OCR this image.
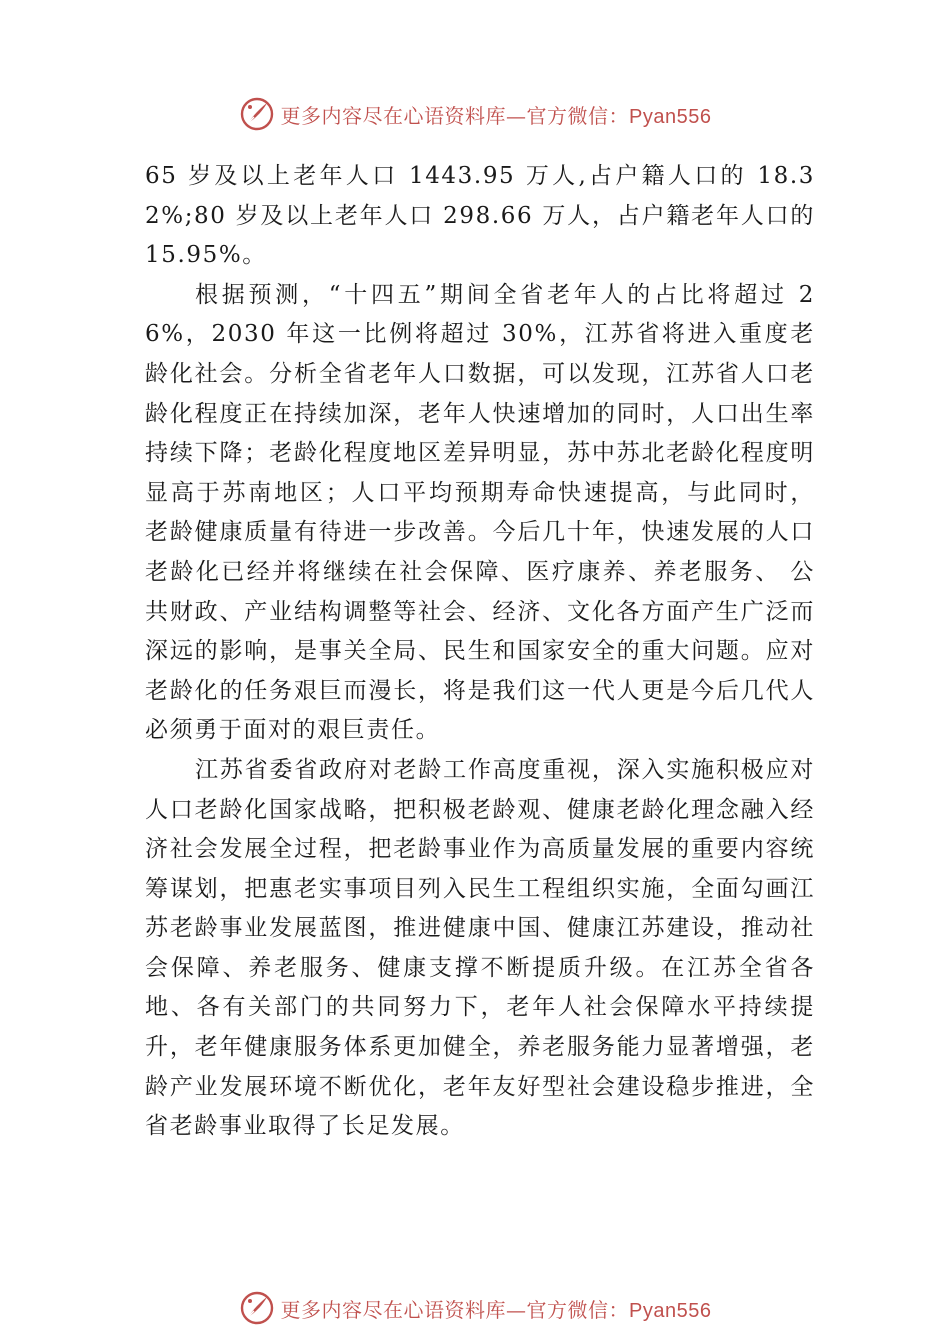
更多内容尽在心语资料库—官方微信：Pyan556

65 岁及以上老年人口 1443.95 万人,占户籍人口的 18.32%;80 岁及以上老年人口 298.66 万人，占户籍老年人口的 15.95%。

根据预测，“十四五”期间全省老年人的占比将超过 26%，2030 年这一比例将超过 30%，江苏省将进入重度老龄化社会。分析全省老年人口数据，可以发现，江苏省人口老龄化程度正在持续加深，老年人快速增加的同时，人口出生率持续下降；老龄化程度地区差异明显，苏中苏北老龄化程度明显高于苏南地区；人口平均预期寿命快速提高，与此同时， 老龄健康质量有待进一步改善。今后几十年，快速发展的人口老龄化已经并将继续在社会保障、医疗康养、养老服务、 公共财政、产业结构调整等社会、经济、文化各方面产生广泛而深远的影响，是事关全局、民生和国家安全的重大问题。应对老龄化的任务艰巨而漫长，将是我们这一代人更是今后几代人必须勇于面对的艰巨责任。

江苏省委省政府对老龄工作高度重视，深入实施积极应对人口老龄化国家战略，把积极老龄观、健康老龄化理念融入经济社会发展全过程，把老龄事业作为高质量发展的重要内容统筹谋划，把惠老实事项目列入民生工程组织实施，全面勾画江苏老龄事业发展蓝图，推进健康中国、健康江苏建设，推动社会保障、养老服务、健康支撑不断提质升级。在江苏全省各地、各有关部门的共同努力下，老年人社会保障水平持续提升，老年健康服务体系更加健全，养老服务能力显著增强，老龄产业发展环境不断优化，老年友好型社会建设稳步推进，全省老龄事业取得了长足发展。

更多内容尽在心语资料库—官方微信：Pyan556
